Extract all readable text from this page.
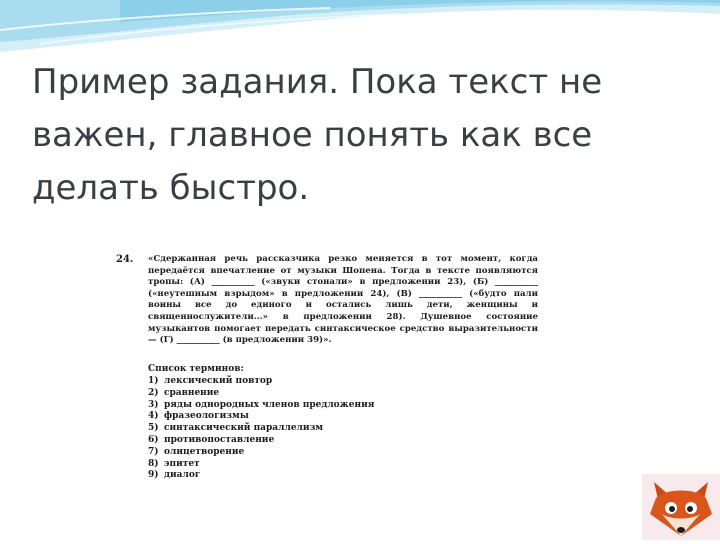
Пример задания. Пока текст не
важен, главное понять как все
делать быстро.
24. «Сдержанная речь рассказчика резко меняется в тот момент, когда передаётся впечатление от музыки Шопена. Тогда в тексте появляются тропы: (А) __________ («звуки стонали» в предложении 23), (Б) __________ («неутешным взрыдом» в предложении 24), (В) __________ («будто пали воины все до единого и остались лишь дети, женщины и священнослужители...» в предложении 28). Душевное состояние музыкантов помогает передать синтаксическое средство выразительности — (Г) __________ (в предложении 39)».
Список терминов:
1) лексический повтор
2) сравнение
3) ряды однородных членов предложения
4) фразеологизмы
5) синтаксический параллелизм
6) противопоставление
7) олицетворение
8) эпитет
9) диалог
